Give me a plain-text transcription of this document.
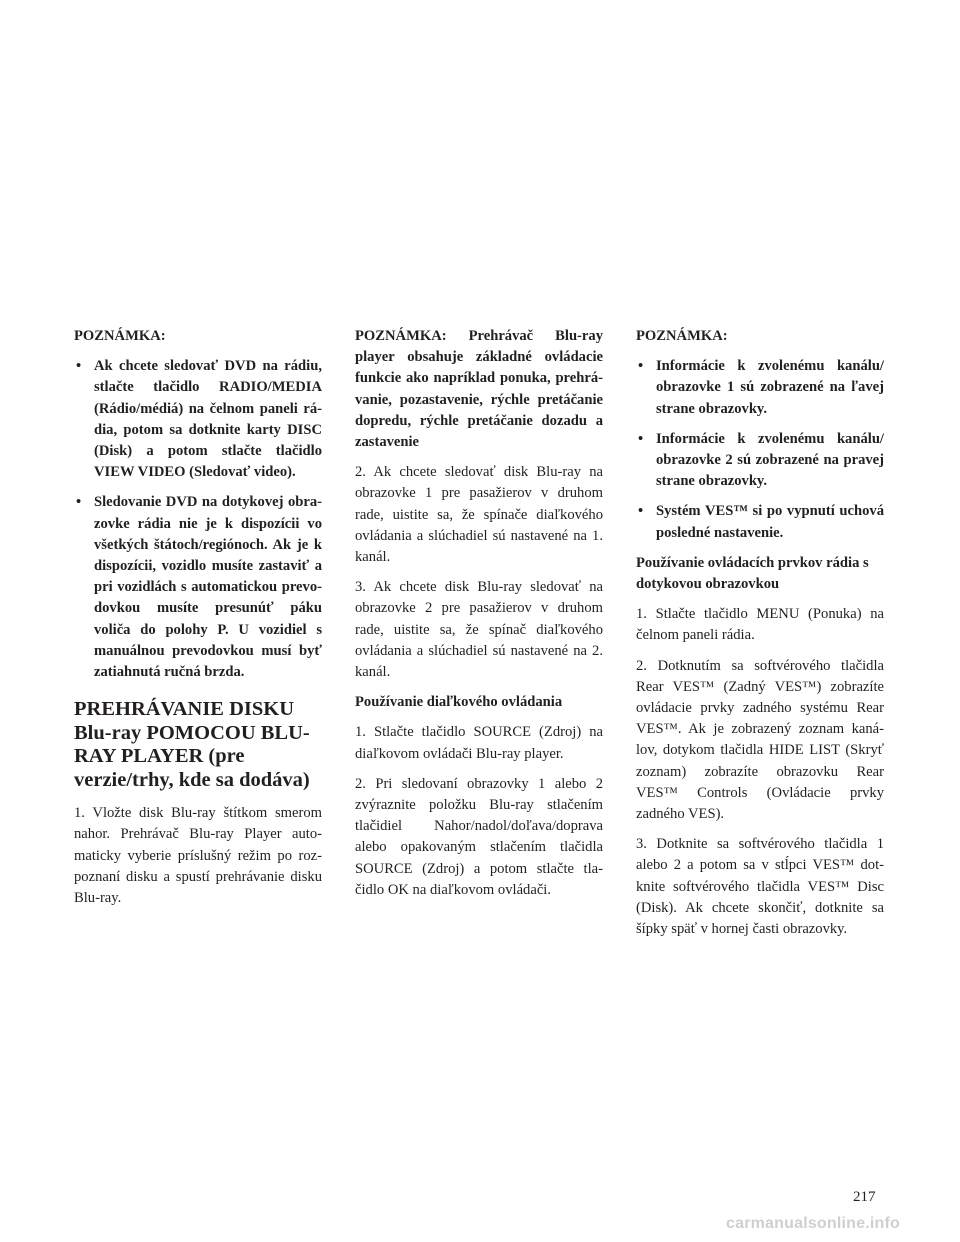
POZNÁMKA:
• Ak chcete sledovať DVD na rádiu, stlačte tlačidlo RADIO/MEDIA (Rádio/médiá) na čelnom paneli rá- dia, potom sa dotknite karty DISC (Disk) a potom stlačte tlačidlo VIEW VIDEO (Sledovať video).
• Sledovanie DVD na dotykovej obra- zovke rádia nie je k dispozícii vo všetkých štátoch/regiónoch. Ak je k dispozícii, vozidlo musíte zastaviť a pri vozidlách s automatickou prevo- dovkou musíte presunúť páku voliča do polohy P. U vozidiel s manuálnou prevodovkou musí byť zatiahnutá ručná brzda.
PREHRÁVANIE DISKU Blu-ray POMOCOU BLU-RAY PLAYER (pre verzie/trhy, kde sa dodáva)

1. Vložte disk Blu-ray štítkom smerom nahor. Prehrávač Blu-ray Player auto- maticky vyberie príslušný režim po roz- poznaní disku a spustí prehrávanie disku Blu-ray.

POZNÁMKA: Prehrávač Blu-ray player obsahuje základné ovládacie funkcie ako napríklad ponuka, prehrá- vanie, pozastavenie, rýchle pretáčanie dopredu, rýchle pretáčanie dozadu a zastavenie

2. Ak chcete sledovať disk Blu-ray na obrazovke 1 pre pasažierov v druhom rade, uistite sa, že spínače diaľkového ovládania a slúchadiel sú nastavené na 1. kanál.

3. Ak chcete disk Blu-ray sledovať na obrazovke 2 pre pasažierov v druhom rade, uistite sa, že spínač diaľkového ovládania a slúchadiel sú nastavené na 2. kanál.

Používanie diaľkového ovládania

1. Stlačte tlačidlo SOURCE (Zdroj) na diaľkovom ovládači Blu-ray player.

2. Pri sledovaní obrazovky 1 alebo 2 zvýraznite položku Blu-ray stlačením tlačidiel Nahor/nadol/doľava/doprava alebo opakovaným stlačením tlačidla SOURCE (Zdroj) a potom stlačte tla- čidlo OK na diaľkovom ovládači.

POZNÁMKA:
• Informácie k zvolenému kanálu/ obrazovke 1 sú zobrazené na ľavej strane obrazovky.
• Informácie k zvolenému kanálu/ obrazovke 2 sú zobrazené na pravej strane obrazovky.
• Systém VES™ si po vypnutí uchová posledné nastavenie.
Používanie ovládacích prvkov rádia s dotykovou obrazovkou

1. Stlačte tlačidlo MENU (Ponuka) na čelnom paneli rádia.

2. Dotknutím sa softvérového tlačidla Rear VES™ (Zadný VES™) zobrazíte ovládacie prvky zadného systému Rear VES™. Ak je zobrazený zoznam kaná- lov, dotykom tlačidla HIDE LIST (Skryť zoznam) zobrazíte obrazovku Rear VES™ Controls (Ovládacie prvky zadného VES).

3. Dotknite sa softvérového tlačidla 1 alebo 2 a potom sa v stĺpci VES™ dot- knite softvérového tlačidla VES™ Disc (Disk). Ak chcete skončiť, dotknite sa šípky späť v hornej časti obrazovky.

217
carmanualsonline.info
